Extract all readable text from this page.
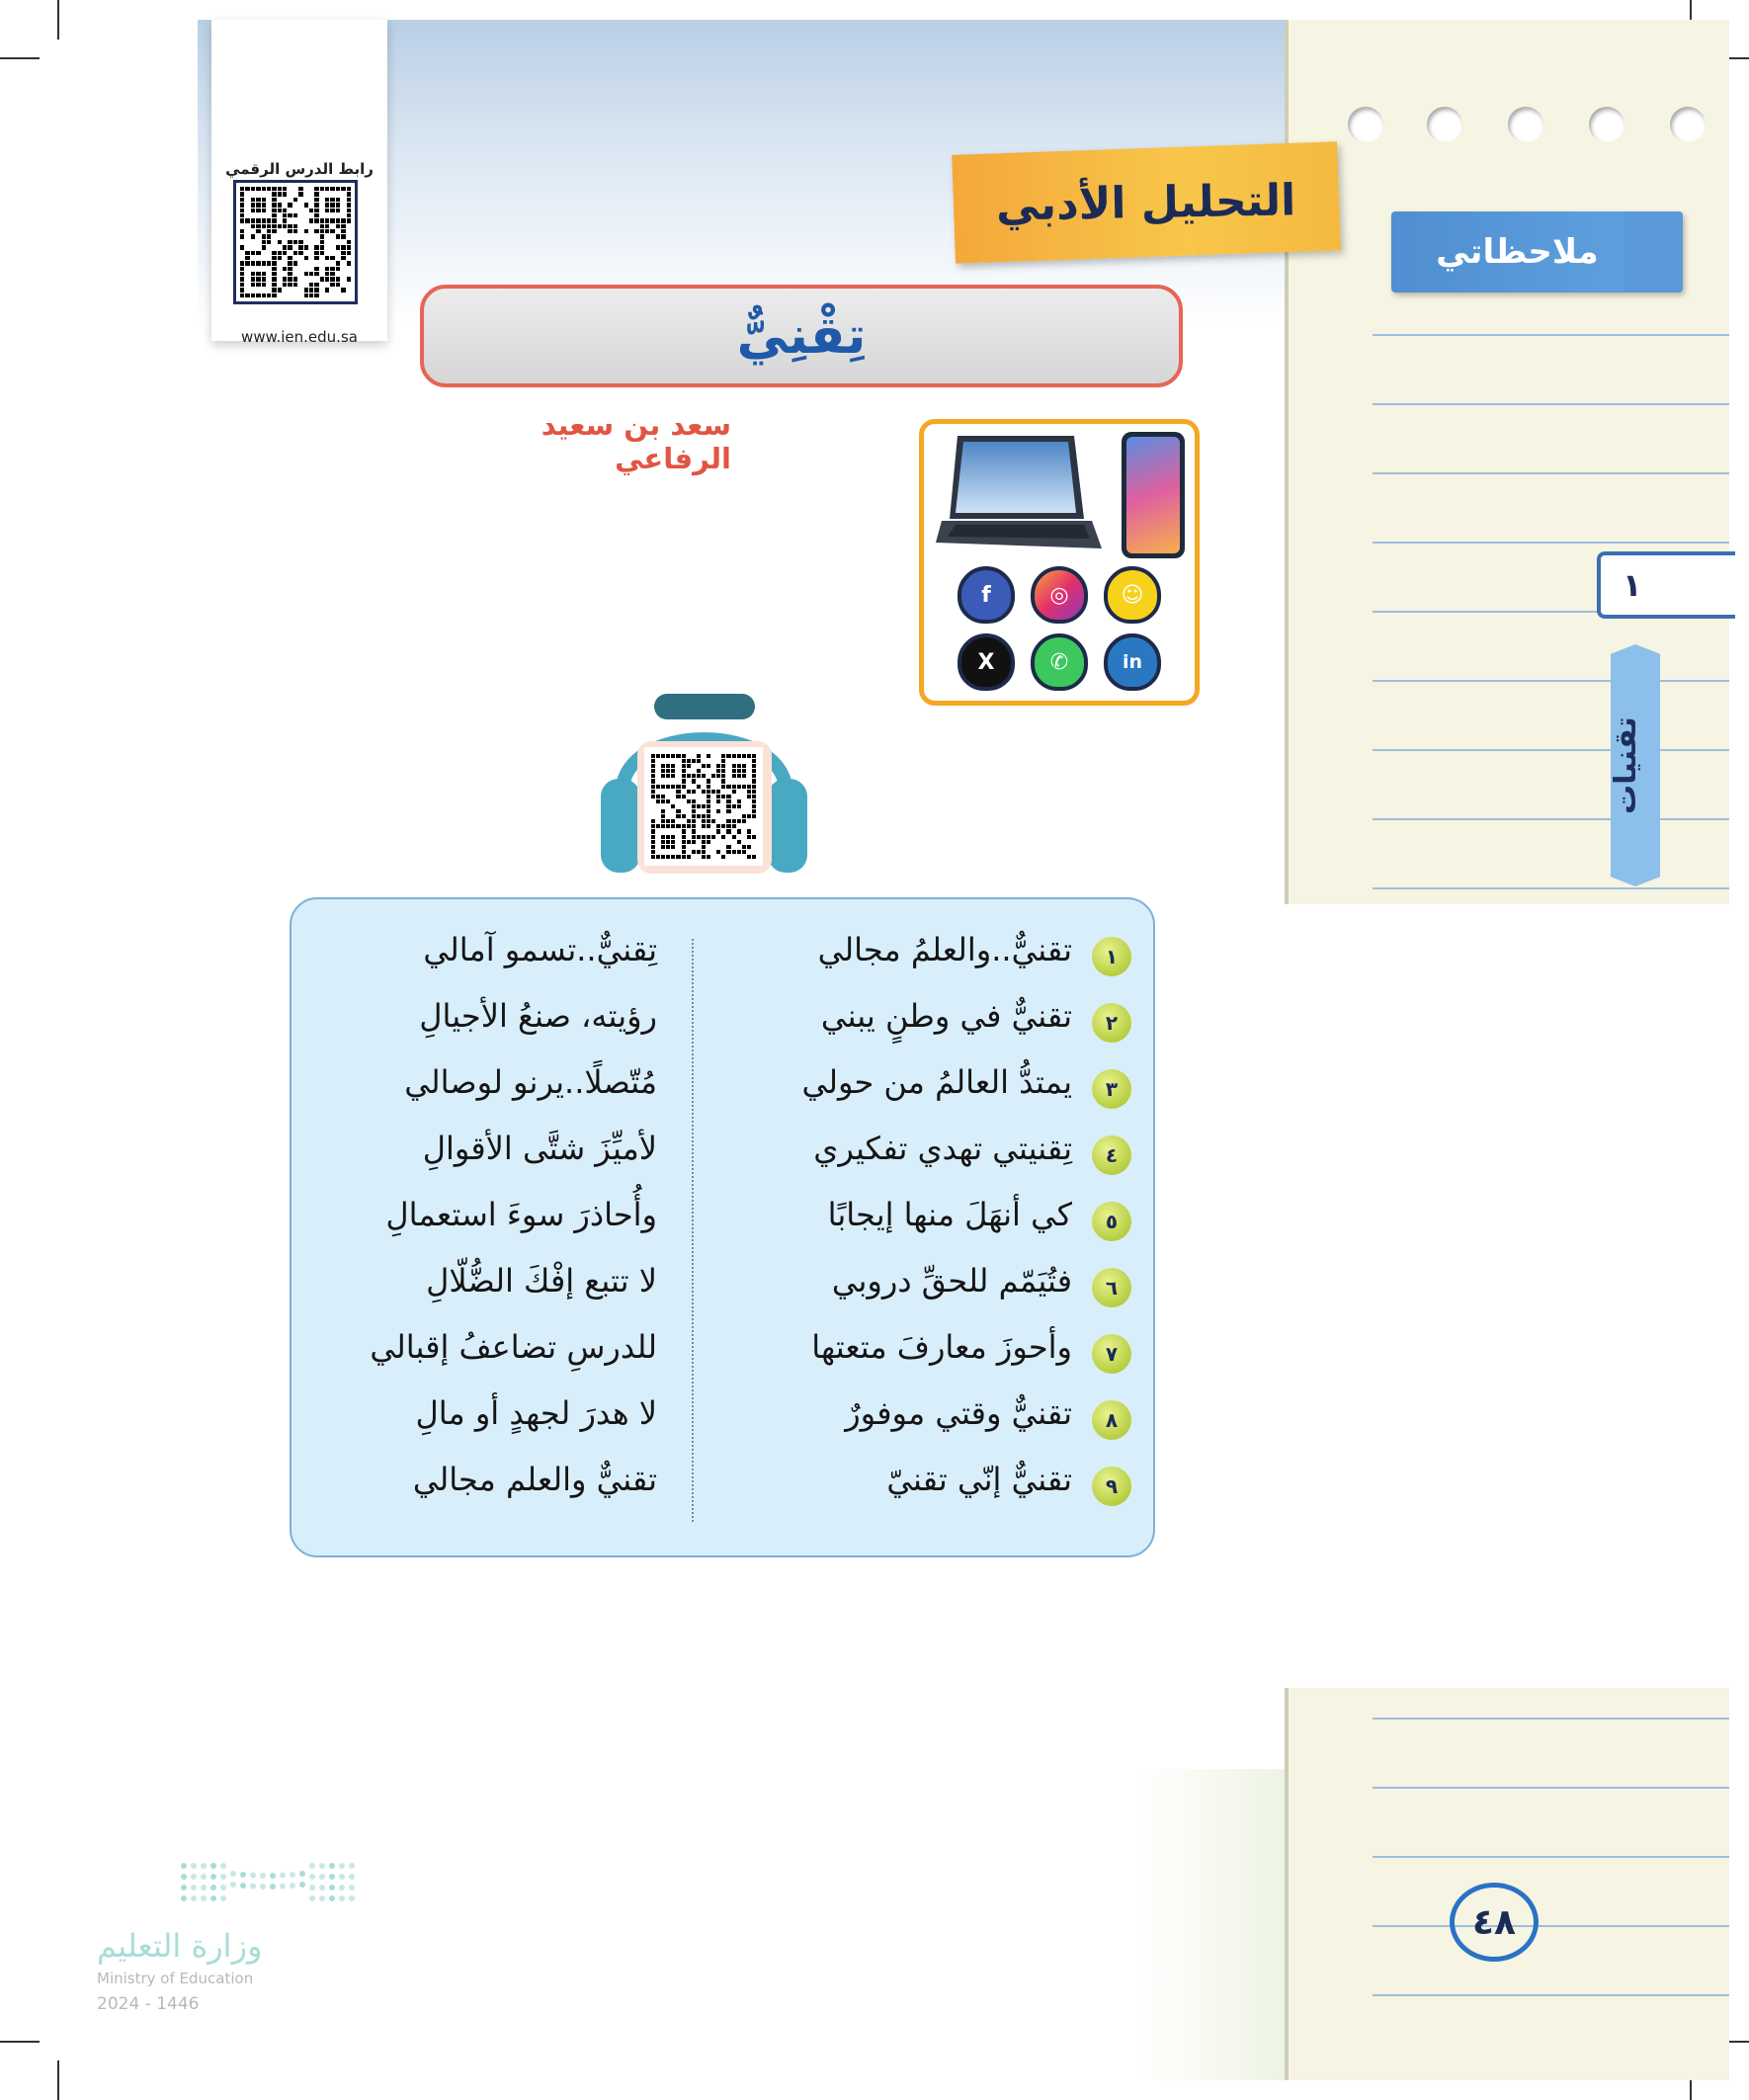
ملاحظاتي
١
تقنيات
رابط الدرس الرقمي
www.ien.edu.sa
التحليل الأدبي
تِقْنِيٌّ
سعد بن سعيد الرفاعي
☺
◎
f
in
✆
X
١
تقنيٌّ..والعلمُ مجالي
تِقنيٌّ..تسمو آمالي
٢
تقنيٌّ في وطنٍ يبني
رؤيته، صنعُ الأجيالِ
٣
يمتدُّ العالمُ من حولي
مُتّصلًا..يرنو لوصالي
٤
تِقنيتي تهدي تفكيري
لأميِّزَ شتَّى الأقوالِ
٥
كي أنهَلَ منها إيجابًا
وأُحاذرَ سوءَ استعمالِ
٦
فتُيَمّم للحقِّ دروبي
لا تتبع إفْكَ الضُّلّالِ
٧
وأحوزَ معارفَ متعتها
للدرسِ تضاعفُ إقبالي
٨
تقنيٌّ وقتي موفورٌ
لا هدرَ لجهدٍ أو مالِ
٩
تقنيٌّ إنّي تقنيّ
تقنيٌّ والعلم مجالي
٤٨
وزارة التعليم
Ministry of Education
2024 - 1446
